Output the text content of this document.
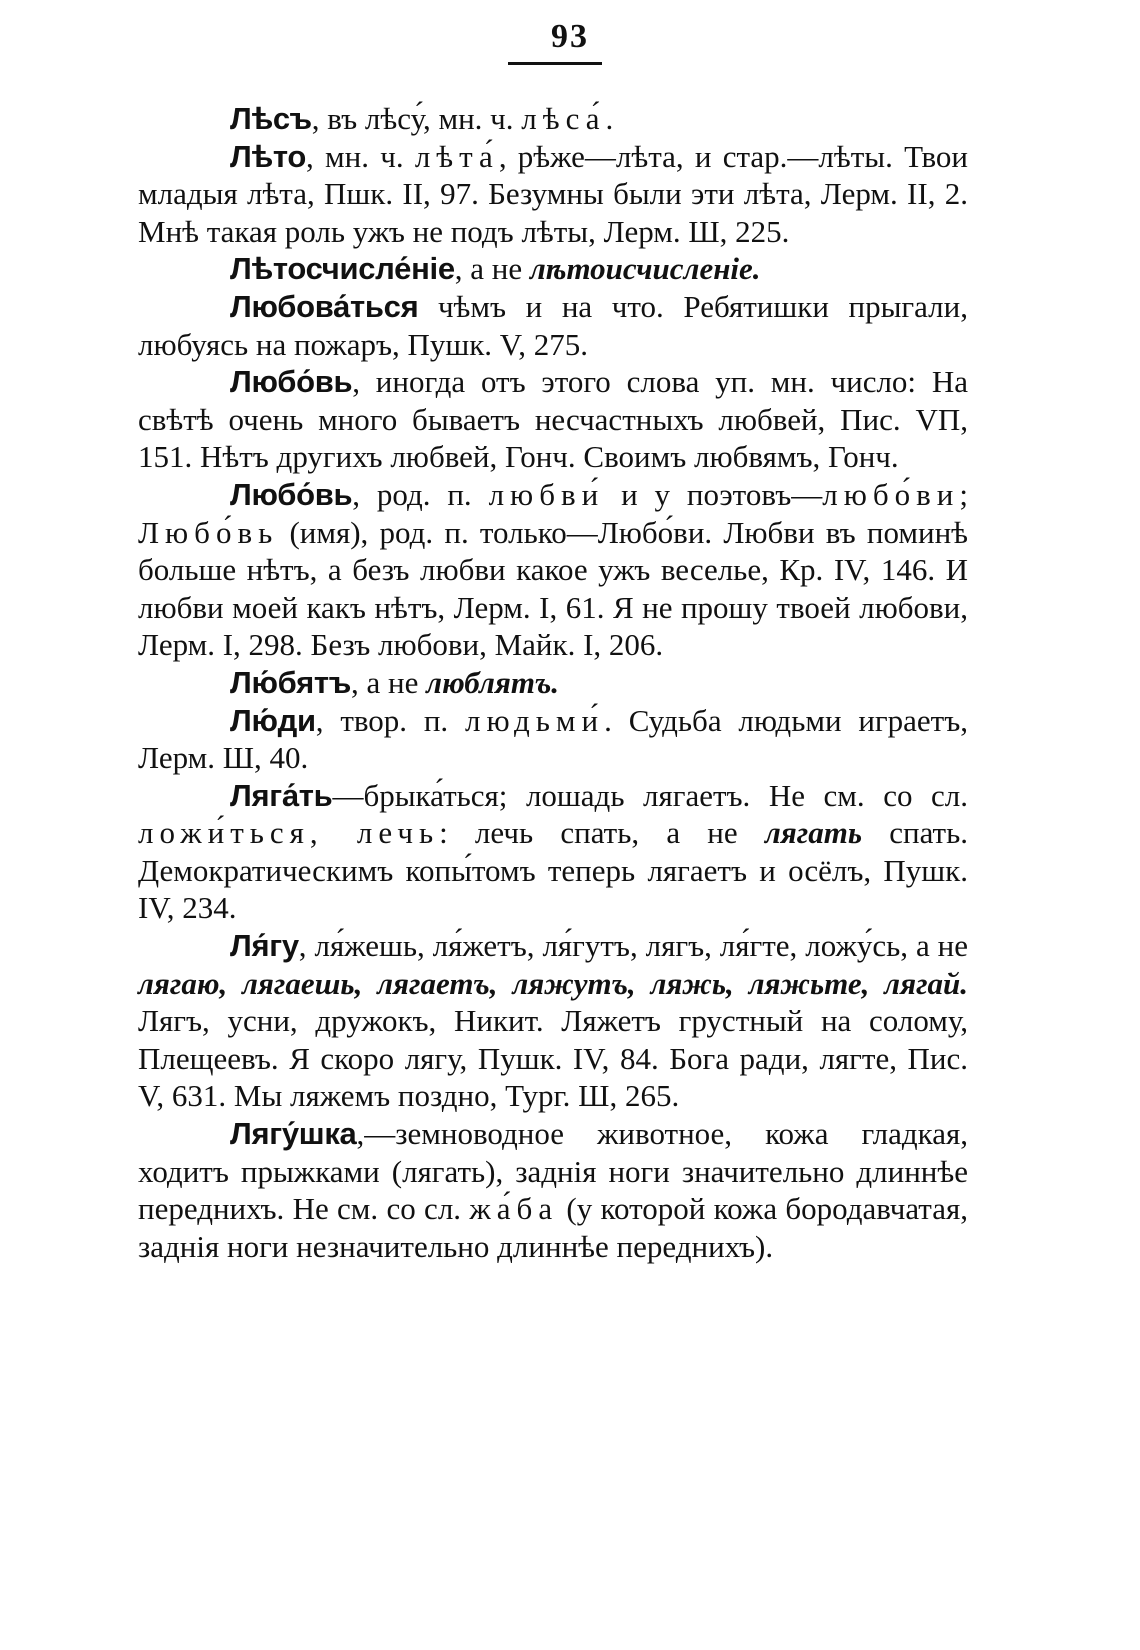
93

Лѣсъ, въ лѣсу́, мн. ч. лѣса́.

Лѣто, мн. ч. лѣта́, рѣже—лѣта, и стар.—лѣты. Твои младыя лѣта, Пшк. II, 97. Безумны были эти лѣта, Лерм. II, 2. Мнѣ такая роль ужъ не подъ лѣты, Лерм. Ш, 225.

Лѣтосчисле́ніе, а не лѣтоисчисленіе.

Любова́ться чѣмъ и на что. Ребятишки прыгали, любуясь на пожаръ, Пушк. V, 275.

Любо́вь, иногда отъ этого слова уп. мн. число: На свѣтѣ очень много бываетъ несчастныхъ любвей, Пис. VП, 151. Нѣтъ другихъ любвей, Гонч. Своимъ любвямъ, Гонч.

Любо́вь, род. п. любви́ и у поэтовъ—любо́ви; Любо́вь (имя), род. п. только—Любо́ви. Любви въ поминѣ больше нѣтъ, а безъ любви какое ужъ веселье, Кр. IV, 146. И любви моей какъ нѣтъ, Лерм. I, 61. Я не прошу твоей любови, Лерм. I, 298. Безъ любови, Майк. I, 206.

Лю́бятъ, а не люблятъ.

Лю́ди, твор. п. людьми́. Судьба людьми играетъ, Лерм. Ш, 40.

Ляга́ть—брыка́ться; лошадь лягаетъ. Не см. со сл. ложи́ться, лечь: лечь спать, а не лягать спать. Демократическимъ копы́томъ теперь лягаетъ и осёлъ, Пушк. IV, 234.

Ля́гу, ля́жешь, ля́жетъ, ля́гутъ, лягъ, ля́гте, ложу́сь, а не лягаю, лягаешь, лягаетъ, ляжутъ, ляжь, ляжьте, лягай. Лягъ, усни, дружокъ, Никит. Ляжетъ грустный на солому, Плещеевъ. Я скоро лягу, Пушк. IV, 84. Бога ради, лягте, Пис. V, 631. Мы ляжемъ поздно, Тург. Ш, 265.

Лягу́шка,—земноводное животное, кожа гладкая, ходитъ прыжками (лягать), заднія ноги значительно длиннѣе переднихъ. Не см. со сл. жа́ба (у которой кожа бородавчатая, заднія ноги незначительно длиннѣе переднихъ).
